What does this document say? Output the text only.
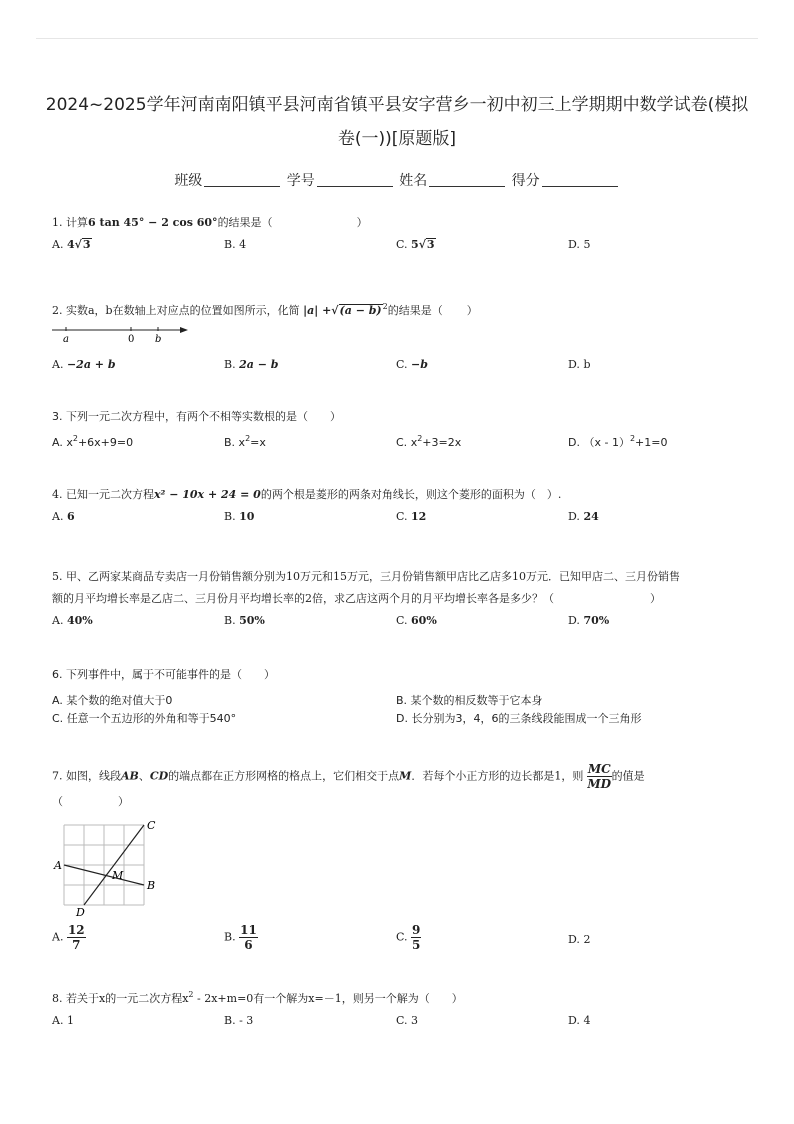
2024~2025学年河南南阳镇平县河南省镇平县安字营乡一初中初三上学期期中数学试卷(模拟
卷(一))[原题版]
班级	学号	姓名	得分
1. 计算6 tan 45° − 2 cos 60°的结果是（	）
A. 4√3	B. 4	C. 5√3	D. 5
2. 实数a，b在数轴上对应点的位置如图所示，化简 $|a| +√(a - b)^2$的结果是（ ）
a	0 b
A. −2a + b	B. 2a − b	C. −b	D. b
3. 下列一元二次方程中，有两个不相等实数根的是（　　）
A. $x^2+6x+9=0$	B. $x^2=x$	C. $x^2+3=2x$	D. （x - 1）$^2$+1=0
4. 已知一元二次方程x² − 10x + 24 = 0的两个根是菱形的两条对角线长，则这个菱形的面积为（　）.
A. 6	B. 10	C. 12	D. 24
5. 甲、乙两家某商品专卖店一月份销售额分别为10万元和15万元，三月份销售额甲店比乙店多10万元．已知甲店二、三月份销售
额的月平均增长率是乙店二、三月份月平均增长率的2倍，求乙店这两个月的月平均增长率各是多少？（	）
A. 40%	B. 50%	C. 60%	D. 70%
6. 下列事件中，属于不可能事件的是（　　）
A. 某个数的绝对值大于0	B. 某个数的相反数等于它本身
C. 任意一个五边形的外角和等于540°	D. 长分别为3，4，6的三条线段能围成一个三角形
7. 如图，线段AB、CD的端点都在正方形网格的格点上，它们相交于点M．若每个小正方形的边长都是1，则 $\frac{MC}{MD}$ 的值是
（　　　　　）
A
B
C
D
M
A. $\frac{12}{7}$	B. $\frac{11}{6}$	C. $\frac{9}{5}$	D. 2
8. 若关于x的一元二次方程$x^2 - 2x+m=0$有一个解为x=－1，则另一个解为（　　）
A. 1	B. - 3	C. 3	D. 4
